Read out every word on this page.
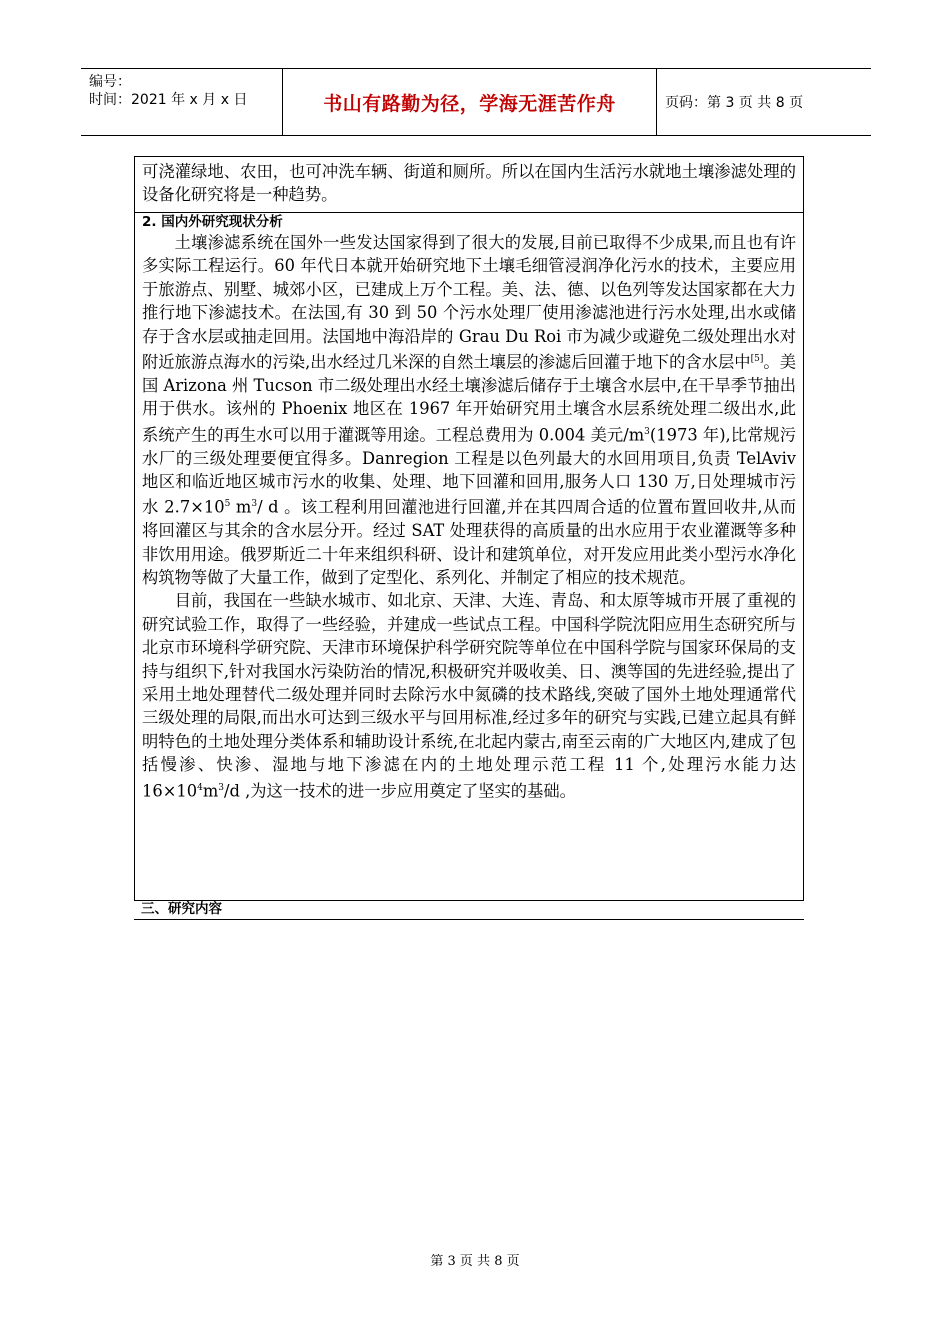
编号：
时间：2021 年 x 月 x 日	书山有路勤为径，学海无涯苦作舟	页码：第 3 页 共 8 页

可浇灌绿地、农田，也可冲洗车辆、街道和厕所。所以在国内生活污水就地土壤渗滤处理的设备化研究将是一种趋势。

2. 国内外研究现状分析

土壤渗滤系统在国外一些发达国家得到了很大的发展,目前已取得不少成果,而且也有许多实际工程运行。60 年代日本就开始研究地下土壤毛细管浸润净化污水的技术，主要应用于旅游点、别墅、城郊小区，已建成上万个工程。美、法、德、以色列等发达国家都在大力推行地下渗滤技术。在法国,有 30 到 50 个污水处理厂使用渗滤池进行污水处理,出水或储存于含水层或抽走回用。法国地中海沿岸的 Grau Du Roi 市为减少或避免二级处理出水对附近旅游点海水的污染,出水经过几米深的自然土壤层的渗滤后回灌于地下的含水层中[5]。美国 Arizona 州 Tucson 市二级处理出水经土壤渗滤后储存于土壤含水层中,在干旱季节抽出用于供水。该州的 Phoenix 地区在 1967 年开始研究用土壤含水层系统处理二级出水,此系统产生的再生水可以用于灌溉等用途。工程总费用为 0.004 美元$/m^3(1973$ 年),比常规污水厂的三级处理要便宜得多。Danregion 工程是以色列最大的水回用项目,负责 TelAviv 地区和临近地区城市污水的收集、处理、地下回灌和回用,服务人口 130 万,日处理城市污水 $2.7\times 10^5$ $m^3/$ d 。该工程利用回灌池进行回灌,并在其四周合适的位置布置回收井,从而将回灌区与其余的含水层分开。经过 SAT 处理获得的高质量的出水应用于农业灌溉等多种非饮用用途。俄罗斯近二十年来组织科研、设计和建筑单位，对开发应用此类小型污水净化构筑物等做了大量工作，做到了定型化、系列化、并制定了相应的技术规范。

目前，我国在一些缺水城市、如北京、天津、大连、青岛、和太原等城市开展了重视的研究试验工作，取得了一些经验，并建成一些试点工程。中国科学院沈阳应用生态研究所与北京市环境科学研究院、天津市环境保护科学研究院等单位在中国科学院与国家环保局的支持与组织下,针对我国水污染防治的情况,积极研究并吸收美、日、澳等国的先进经验,提出了采用土地处理替代二级处理并同时去除污水中氮磷的技术路线,突破了国外土地处理通常代三级处理的局限,而出水可达到三级水平与回用标准,经过多年的研究与实践,已建立起具有鲜明特色的土地处理分类体系和辅助设计系统,在北起内蒙古,南至云南的广大地区内,建成了包括慢渗、快渗、湿地与地下渗滤在内的土地处理示范工程 11 个,处理污水能力达 $16\times 10^4m^3/d$ ,为这一技术的进一步应用奠定了坚实的基础。

三、研究内容

第 3 页 共 8 页
